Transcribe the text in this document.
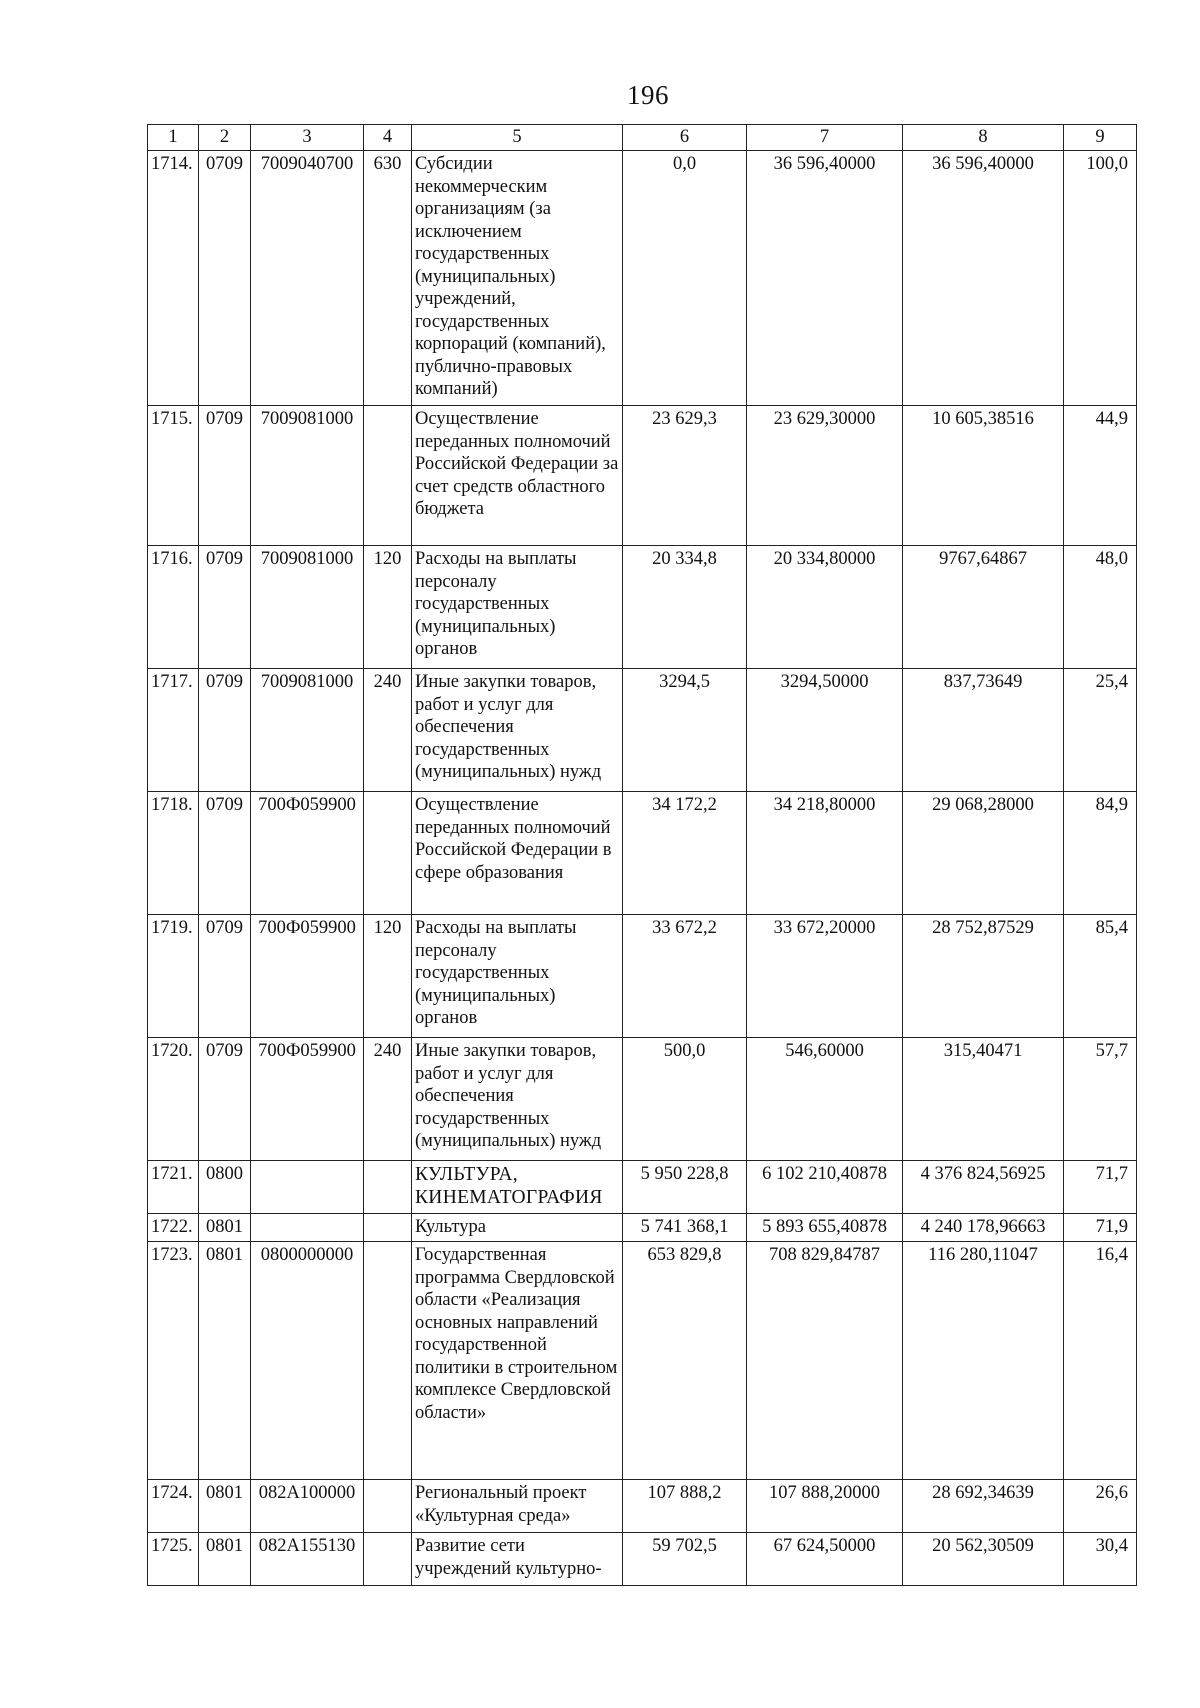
196
1	2	3	4	5	6	7	8	9
1714.	0709	7009040700	630	Субсидии некоммерческим организациям (за исключением государственных (муниципальных) учреждений, государственных корпораций (компаний), публично-правовых компаний)	0,0	36 596,40000	36 596,40000	100,0
1715.	0709	7009081000		Осуществление переданных полномочий Российской Федерации за счет средств областного бюджета	23 629,3	23 629,30000	10 605,38516	44,9
1716.	0709	7009081000	120	Расходы на выплаты персоналу государственных (муниципальных) органов	20 334,8	20 334,80000	9767,64867	48,0
1717.	0709	7009081000	240	Иные закупки товаров, работ и услуг для обеспечения государственных (муниципальных) нужд	3294,5	3294,50000	837,73649	25,4
1718.	0709	700Ф059900		Осуществление переданных полномочий Российской Федерации в сфере образования	34 172,2	34 218,80000	29 068,28000	84,9
1719.	0709	700Ф059900	120	Расходы на выплаты персоналу государственных (муниципальных) органов	33 672,2	33 672,20000	28 752,87529	85,4
1720.	0709	700Ф059900	240	Иные закупки товаров, работ и услуг для обеспечения государственных (муниципальных) нужд	500,0	546,60000	315,40471	57,7
1721.	0800			КУЛЬТУРА, КИНЕМАТОГРАФИЯ	5 950 228,8	6 102 210,40878	4 376 824,56925	71,7
1722.	0801			Культура	5 741 368,1	5 893 655,40878	4 240 178,96663	71,9
1723.	0801	0800000000		Государственная программа Свердловской области «Реализация основных направлений государственной политики в строительном комплексе Свердловской области»	653 829,8	708 829,84787	116 280,11047	16,4
1724.	0801	082A100000		Региональный проект «Культурная среда»	107 888,2	107 888,20000	28 692,34639	26,6
1725.	0801	082A155130		Развитие сети учреждений культурно-	59 702,5	67 624,50000	20 562,30509	30,4
